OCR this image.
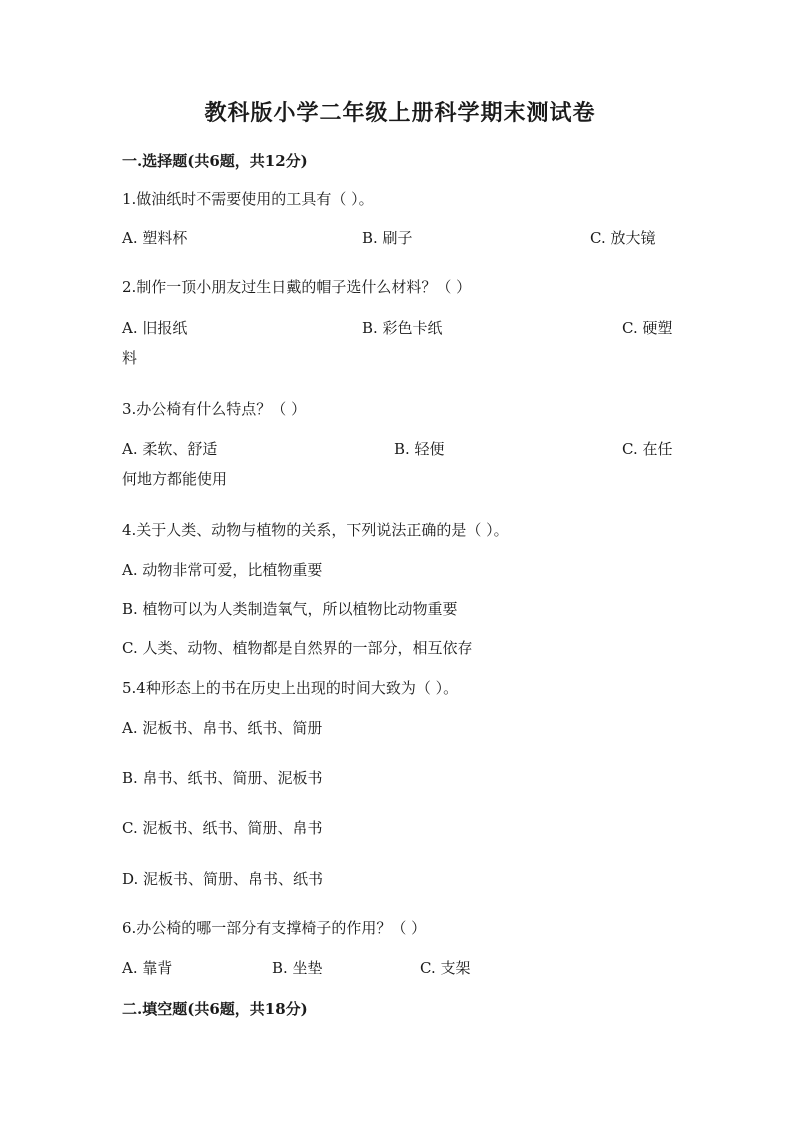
教科版小学二年级上册科学期末测试卷
一.选择题(共6题，共12分)
1.做油纸时不需要使用的工具有（ ）。
A. 塑料杯	B. 刷子	C. 放大镜
2.制作一顶小朋友过生日戴的帽子选什么材料？（ ）
A. 旧报纸	B. 彩色卡纸	C. 硬塑
料
3.办公椅有什么特点？（ ）
A. 柔软、舒适	B. 轻便	C. 在任
何地方都能使用
4.关于人类、动物与植物的关系，下列说法正确的是（ ）。
A. 动物非常可爱，比植物重要
B. 植物可以为人类制造氧气，所以植物比动物重要
C. 人类、动物、植物都是自然界的一部分，相互依存
5.4种形态上的书在历史上出现的时间大致为（ ）。
A. 泥板书、帛书、纸书、简册
B. 帛书、纸书、简册、泥板书
C. 泥板书、纸书、简册、帛书
D. 泥板书、简册、帛书、纸书
6.办公椅的哪一部分有支撑椅子的作用？（ ）
A. 靠背	B. 坐垫	C. 支架
二.填空题(共6题，共18分)
